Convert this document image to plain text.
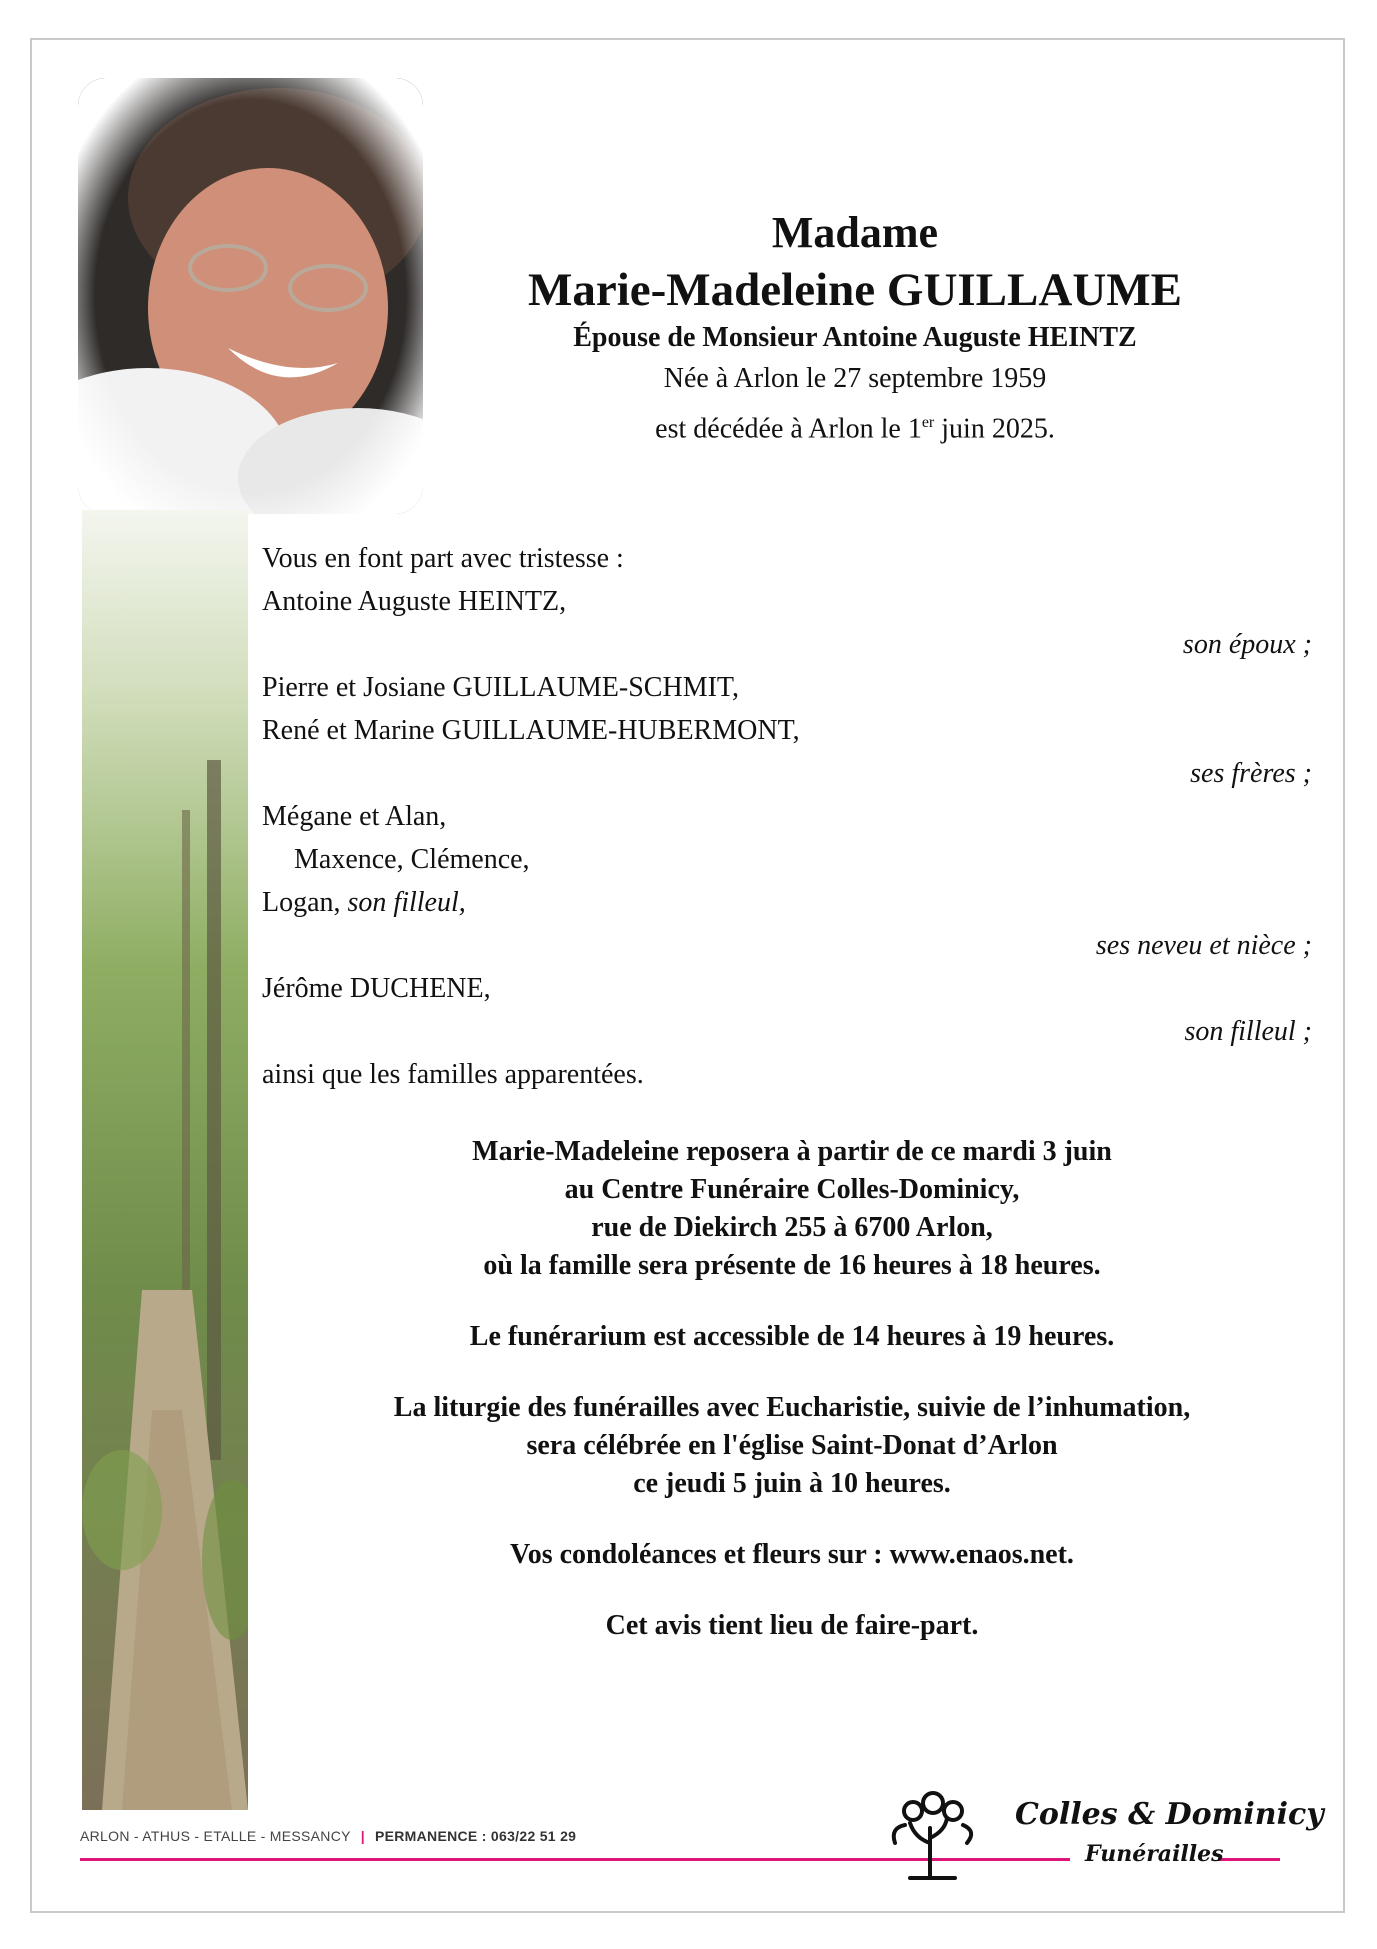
Madame
Marie-Madeleine GUILLAUME
Épouse de Monsieur Antoine Auguste HEINTZ
Née à Arlon le 27 septembre 1959
est décédée à Arlon le 1er juin 2025.
Vous en font part avec tristesse :
Antoine Auguste HEINTZ,
son époux ;
Pierre et Josiane GUILLAUME-SCHMIT,
René et Marine GUILLAUME-HUBERMONT,
ses frères ;
Mégane et Alan,
Maxence, Clémence,
Logan, son filleul,
ses neveu et nièce ;
Jérôme DUCHENE,
son filleul ;
ainsi que les familles apparentées.
Marie-Madeleine reposera à partir de ce mardi 3 juin
au Centre Funéraire Colles-Dominicy,
rue de Diekirch 255 à 6700 Arlon,
où la famille sera présente de 16 heures à 18 heures.
Le funérarium est accessible de 14 heures à 19 heures.
La liturgie des funérailles avec Eucharistie, suivie de l’inhumation,
sera célébrée en l'église Saint-Donat d’Arlon
ce jeudi 5 juin à 10 heures.
Vos condoléances et fleurs sur : www.enaos.net.
Cet avis tient lieu de faire-part.
ARLON - ATHUS - ETALLE - MESSANCY | PERMANENCE : 063/22 51 29
Colles & Dominicy
Funérailles
